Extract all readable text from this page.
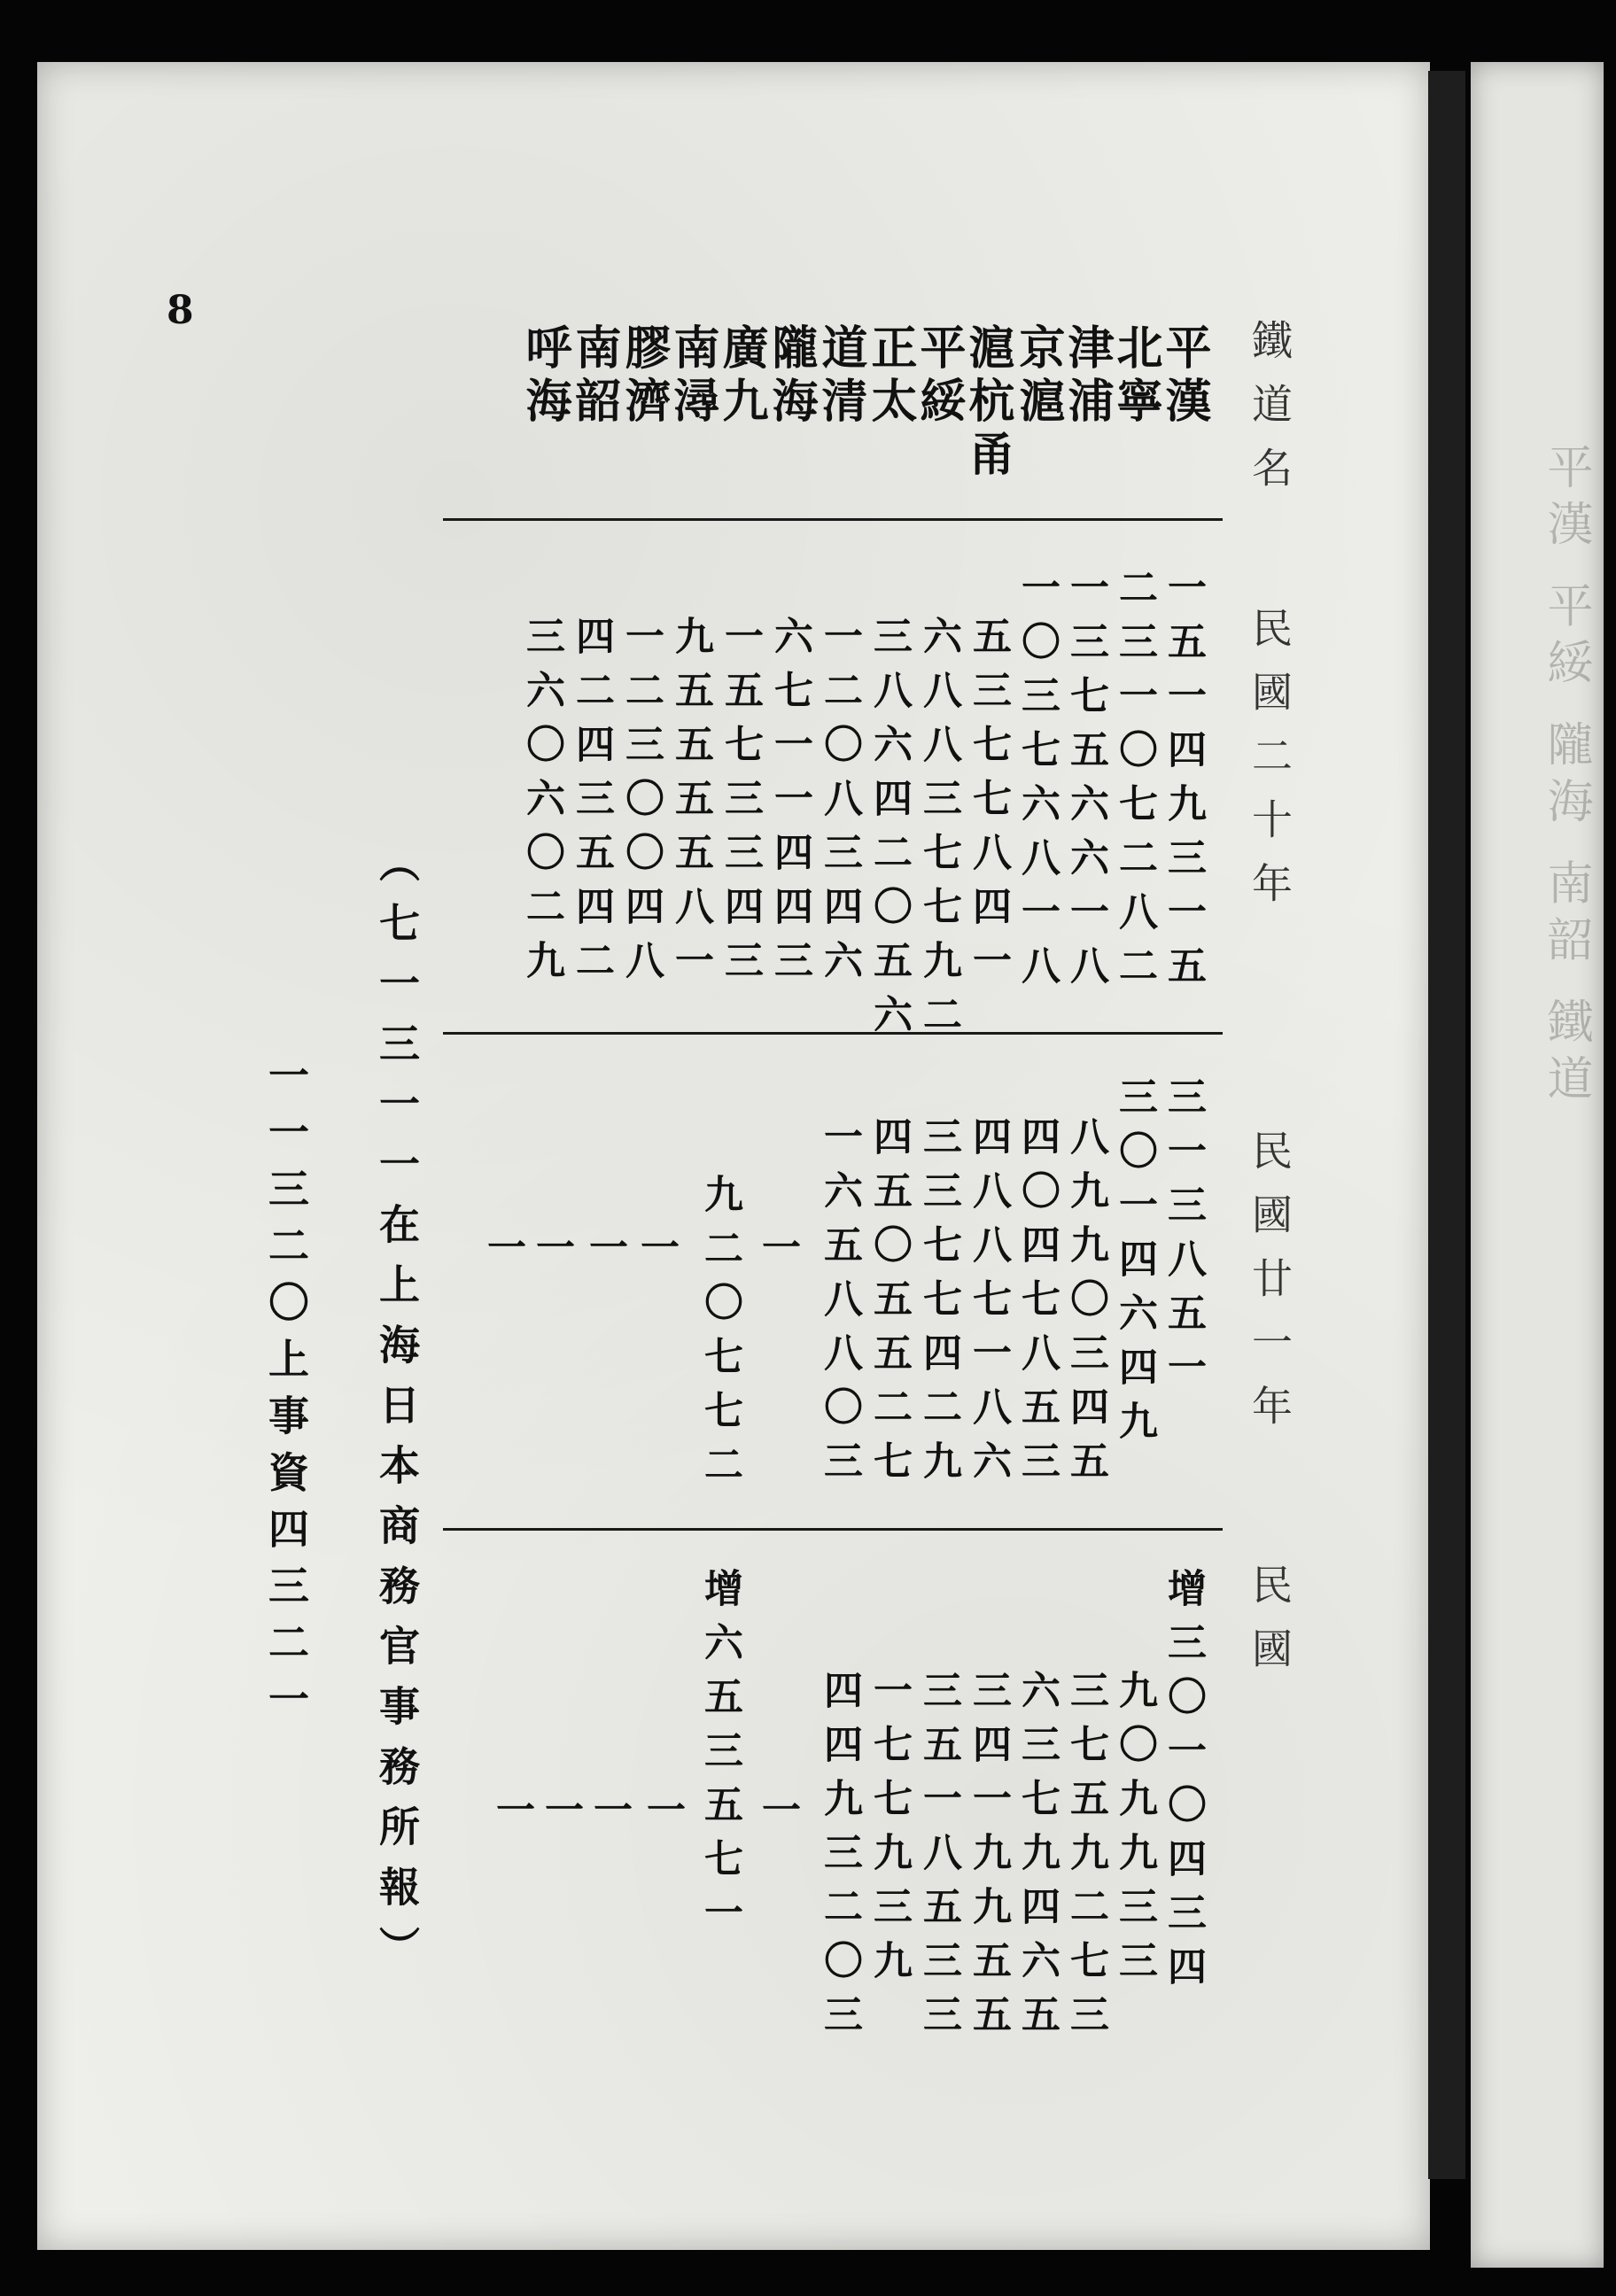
平漢 平綏 隴海 南韶 鐵道
8
鐵道名
民國二十年
民國廿一年
民國
平漢
北寧
津浦
京滬
滬杭甬
平綏
正太
道清
隴海
廣九
南潯
膠濟
南韶
呼海
一五一四九三一五
二三一〇七二八二
一三七五六六一八
一〇三七六八一八
五三七七八四一
六八八三七七九二
三八六四二〇五六
一二〇八三四六
六七一一四四三
一五七三三四三
九五五五五八一
一二三〇〇四八
四二四三五四二
三六〇六〇二九
三一三八五一
三〇一四六四九
八九九〇三四五
四〇四七八五三
四八八七一八六
三三七七四二九
四五〇五五二七
一六五八八〇三
一
九二〇七七二
一
一
一
一
增三〇一〇四三四
九〇九九三三
三七五九二七三
六三七九四六五
三四一九九五五
三五一八五三三
一七七九三九
四四九三二〇三
一
增六五三五七一
一
一
一
一
（七一三一一在上海日本商務官事務所報）
一一三二〇上事資四三二一
